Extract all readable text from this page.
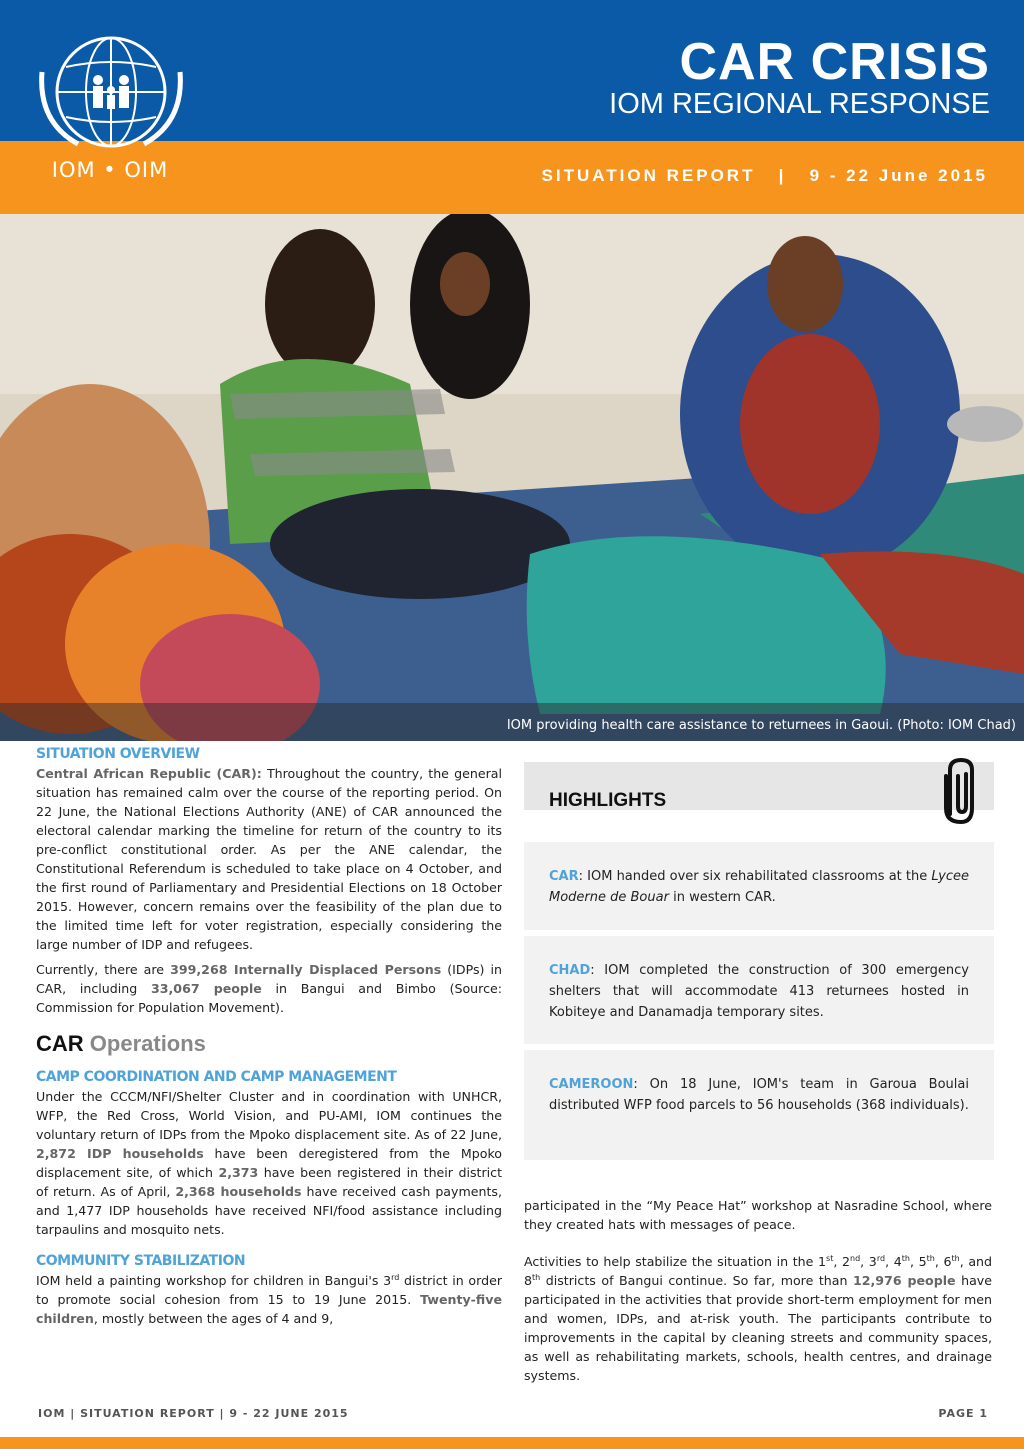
IOM • OIM
CAR CRISIS
IOM REGIONAL RESPONSE
SITUATION REPORT | 9 - 22 June 2015
IOM providing health care assistance to returnees in Gaoui. (Photo: IOM Chad)
SITUATION OVERVIEW

Central African Republic (CAR): Throughout the country, the general situation has remained calm over the course of the reporting period. On 22 June, the National Elections Authority (ANE) of CAR announced the electoral calendar marking the timeline for return of the country to its pre-conflict constitutional order. As per the ANE calendar, the Constitutional Referendum is scheduled to take place on 4 October, and the first round of Parliamentary and Presidential Elections on 18 October 2015. However, concern remains over the feasibility of the plan due to the limited time left for voter registration, especially considering the large number of IDP and refugees.

Currently, there are 399,268 Internally Displaced Persons (IDPs) in CAR, including 33,067 people in Bangui and Bimbo (Source: Commission for Population Movement).

CAR Operations
CAMP COORDINATION AND CAMP MANAGEMENT

Under the CCCM/NFI/Shelter Cluster and in coordination with UNHCR, WFP, the Red Cross, World Vision, and PU-AMI, IOM continues the voluntary return of IDPs from the Mpoko displacement site. As of 22 June, 2,872 IDP households have been deregistered from the Mpoko displacement site, of which 2,373 have been registered in their district of return. As of April, 2,368 households have received cash payments, and 1,477 IDP households have received NFI/food assistance including tarpaulins and mosquito nets.

COMMUNITY STABILIZATION

IOM held a painting workshop for children in Bangui's 3rd district in order to promote social cohesion from 15 to 19 June 2015. Twenty-five children, mostly between the ages of 4 and 9,

HIGHLIGHTS

CAR: IOM handed over six rehabilitated classrooms at the Lycee Moderne de Bouar in western CAR.

CHAD: IOM completed the construction of 300 emergency shelters that will accommodate 413 returnees hosted in Kobiteye and Danamadja temporary sites.

CAMEROON: On 18 June, IOM's team in Garoua Boulai distributed WFP food parcels to 56 households (368 individuals).

participated in the “My Peace Hat” workshop at Nasradine School, where they created hats with messages of peace.

Activities to help stabilize the situation in the 1st, 2nd, 3rd, 4th, 5th, 6th, and 8th districts of Bangui continue. So far, more than 12,976 people have participated in the activities that provide short-term employment for men and women, IDPs, and at-risk youth. The participants contribute to improvements in the capital by cleaning streets and community spaces, as well as rehabilitating markets, schools, health centres, and drainage systems.

IOM | SITUATION REPORT | 9 - 22 JUNE 2015	PAGE 1
